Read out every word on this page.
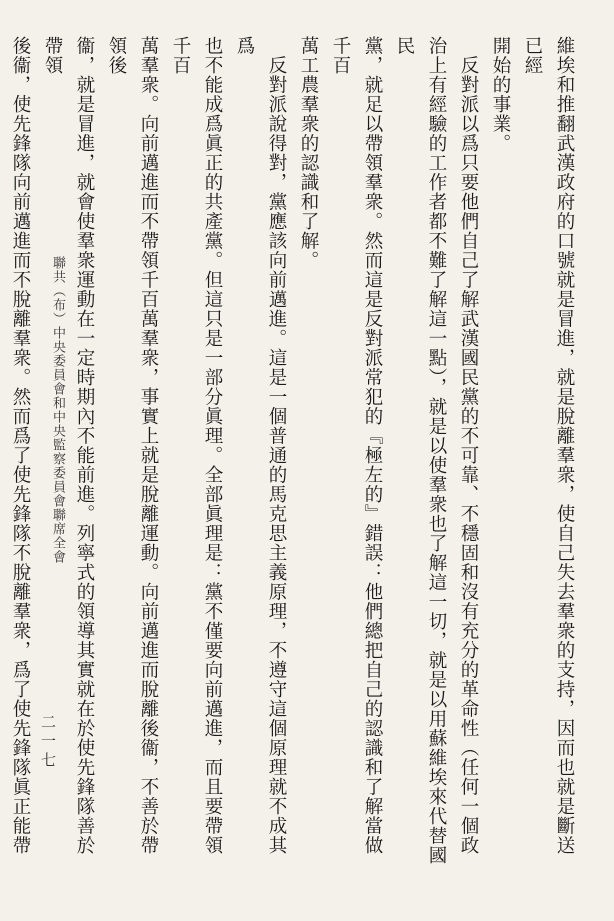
維埃和推翻武漢政府的口號就是冒進，就是脫離羣衆，使自己失去羣衆的支持，因而也就是斷送已經
開始的事業。
　反對派以爲只要他們自己了解武漢國民黨的不可靠、不穩固和沒有充分的革命性（任何一個政
治上有經驗的工作者都不難了解這一點），就是以使羣衆也了解這一切，就是以用蘇維埃來代替國民
黨，就足以帶領羣衆。然而這是反對派常犯的『極左的』錯誤：他們總把自己的認識和了解當做千百
萬工農羣衆的認識和了解。
　反對派說得對，黨應該向前邁進。這是一個普通的馬克思主義原理，不遵守這個原理就不成其爲
也不能成爲眞正的共產黨。但這只是一部分眞理。全部眞理是：黨不僅要向前邁進，而且要帶領千百
萬羣衆。向前邁進而不帶領千百萬羣衆，事實上就是脫離運動。向前邁進而脫離後衞，不善於帶領後
衞，就是冒進，就會使羣衆運動在一定時期內不能前進。列寧式的領導其實就在於使先鋒隊善於帶領
後衞，使先鋒隊向前邁進而不脫離羣衆。然而爲了使先鋒隊不脫離羣衆，爲了使先鋒隊眞正能帶
聯共（布）中央委員會和中央監察委員會聯席全會
二一七
